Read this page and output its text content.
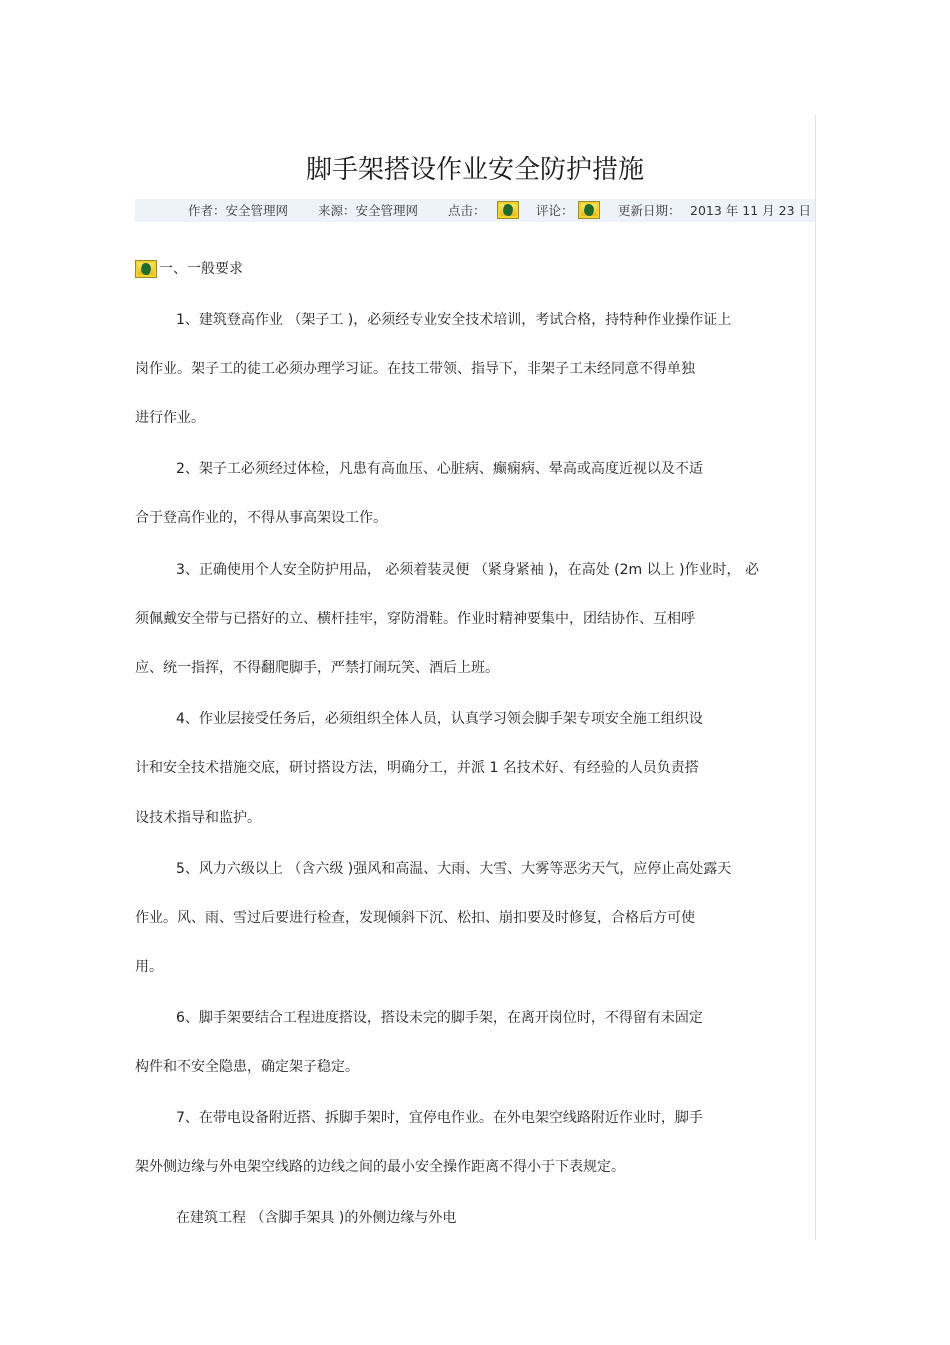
脚手架搭设作业安全防护措施
作者：安全管理网 来源：安全管理网 点击：	评论：	更新日期： 2013 年 11 月 23 日
一、一般要求
1、建筑登高作业 （架子工 )，必须经专业安全技术培训，考试合格，持特种作业操作证上
岗作业。架子工的徒工必须办理学习证。在技工带领、指导下，非架子工未经同意不得单独
进行作业。
2、架子工必须经过体检，凡患有高血压、心脏病、癫痫病、晕高或高度近视以及不适
合于登高作业的，不得从事高架设工作。
3、正确使用个人安全防护用品， 必须着装灵便 （紧身紧袖 )，在高处 (2m 以上 )作业时， 必
须佩戴安全带与已搭好的立、横杆挂牢，穿防滑鞋。作业时精神要集中，团结协作、互相呼
应、统一指挥，不得翻爬脚手，严禁打闹玩笑、酒后上班。
4、作业层接受任务后，必须组织全体人员，认真学习领会脚手架专项安全施工组织设
计和安全技术措施交底，研讨搭设方法，明确分工，并派 1 名技术好、有经验的人员负责搭
设技术指导和监护。
5、风力六级以上 （含六级 )强风和高温、大雨、大雪、大雾等恶劣天气，应停止高处露天
作业。风、雨、雪过后要进行检查，发现倾斜下沉、松扣、崩扣要及时修复，合格后方可使
用。
6、脚手架要结合工程进度搭设，搭设未完的脚手架，在离开岗位时，不得留有未固定
构件和不安全隐患，确定架子稳定。
7、在带电设备附近搭、拆脚手架时，宜停电作业。在外电架空线路附近作业时，脚手
架外侧边缘与外电架空线路的边线之间的最小安全操作距离不得小于下表规定。
在建筑工程 （含脚手架具 )的外侧边缘与外电
